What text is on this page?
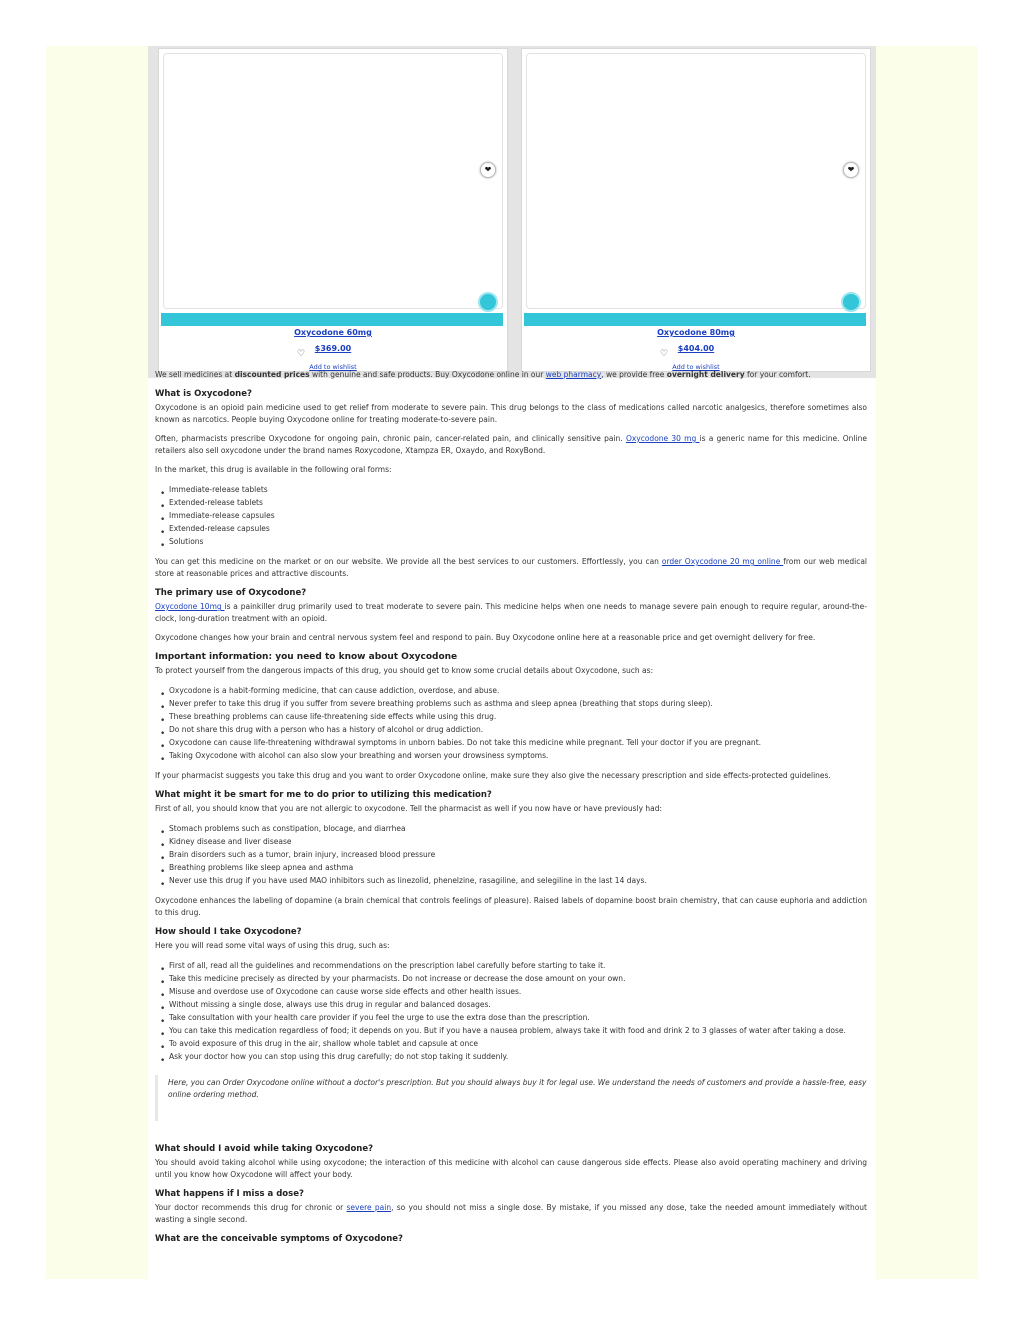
❤
Oxycodone 60mg
$369.00
♡
Add to wishlist
❤
Oxycodone 80mg
$404.00
♡
Add to wishlist

We sell medicines at discounted prices with genuine and safe products. Buy Oxycodone online in our web pharmacy, we provide free overnight delivery for your comfort.

What is Oxycodone?

Oxycodone is an opioid pain medicine used to get relief from moderate to severe pain. This drug belongs to the class of medications called narcotic analgesics, therefore sometimes also known as narcotics. People buying Oxycodone online for treating moderate-to-severe pain.

Often, pharmacists prescribe Oxycodone for ongoing pain, chronic pain, cancer-related pain, and clinically sensitive pain. Oxycodone 30 mg is a generic name for this medicine. Online retailers also sell oxycodone under the brand names Roxycodone, Xtampza ER, Oxaydo, and RoxyBond.

In the market, this drug is available in the following oral forms:

• Immediate-release tablets
• Extended-release tablets
• Immediate-release capsules
• Extended-release capsules
• Solutions

You can get this medicine on the market or on our website. We provide all the best services to our customers. Effortlessly, you can order Oxycodone 20 mg online from our web medical store at reasonable prices and attractive discounts.

The primary use of Oxycodone?

Oxycodone 10mg is a painkiller drug primarily used to treat moderate to severe pain. This medicine helps when one needs to manage severe pain enough to require regular, around-the-clock, long-duration treatment with an opioid.

Oxycodone changes how your brain and central nervous system feel and respond to pain. Buy Oxycodone online here at a reasonable price and get overnight delivery for free.

Important information: you need to know about Oxycodone

To protect yourself from the dangerous impacts of this drug, you should get to know some crucial details about Oxycodone, such as:

• Oxycodone is a habit-forming medicine, that can cause addiction, overdose, and abuse.
• Never prefer to take this drug if you suffer from severe breathing problems such as asthma and sleep apnea (breathing that stops during sleep).
• These breathing problems can cause life-threatening side effects while using this drug.
• Do not share this drug with a person who has a history of alcohol or drug addiction.
• Oxycodone can cause life-threatening withdrawal symptoms in unborn babies. Do not take this medicine while pregnant. Tell your doctor if you are pregnant.
• Taking Oxycodone with alcohol can also slow your breathing and worsen your drowsiness symptoms.

If your pharmacist suggests you take this drug and you want to order Oxycodone online, make sure they also give the necessary prescription and side effects-protected guidelines.

What might it be smart for me to do prior to utilizing this medication?

First of all, you should know that you are not allergic to oxycodone. Tell the pharmacist as well if you now have or have previously had:

• Stomach problems such as constipation, blocage, and diarrhea
• Kidney disease and liver disease
• Brain disorders such as a tumor, brain injury, increased blood pressure
• Breathing problems like sleep apnea and asthma
• Never use this drug if you have used MAO inhibitors such as linezolid, phenelzine, rasagiline, and selegiline in the last 14 days.

Oxycodone enhances the labeling of dopamine (a brain chemical that controls feelings of pleasure). Raised labels of dopamine boost brain chemistry, that can cause euphoria and addiction to this drug.

How should I take Oxycodone?

Here you will read some vital ways of using this drug, such as:

• First of all, read all the guidelines and recommendations on the prescription label carefully before starting to take it.
• Take this medicine precisely as directed by your pharmacists. Do not increase or decrease the dose amount on your own.
• Misuse and overdose use of Oxycodone can cause worse side effects and other health issues.
• Without missing a single dose, always use this drug in regular and balanced dosages.
• Take consultation with your health care provider if you feel the urge to use the extra dose than the prescription.
• You can take this medication regardless of food; it depends on you. But if you have a nausea problem, always take it with food and drink 2 to 3 glasses of water after taking a dose.
• To avoid exposure of this drug in the air, shallow whole tablet and capsule at once
• Ask your doctor how you can stop using this drug carefully; do not stop taking it suddenly.
Here, you can Order Oxycodone online without a doctor's prescription. But you should always buy it for legal use. We understand the needs of customers and provide a hassle-free, easy online ordering method.
What should I avoid while taking Oxycodone?

You should avoid taking alcohol while using oxycodone; the interaction of this medicine with alcohol can cause dangerous side effects. Please also avoid operating machinery and driving until you know how Oxycodone will affect your body.

What happens if I miss a dose?

Your doctor recommends this drug for chronic or severe pain, so you should not miss a single dose. By mistake, if you missed any dose, take the needed amount immediately without wasting a single second.

What are the conceivable symptoms of Oxycodone?
